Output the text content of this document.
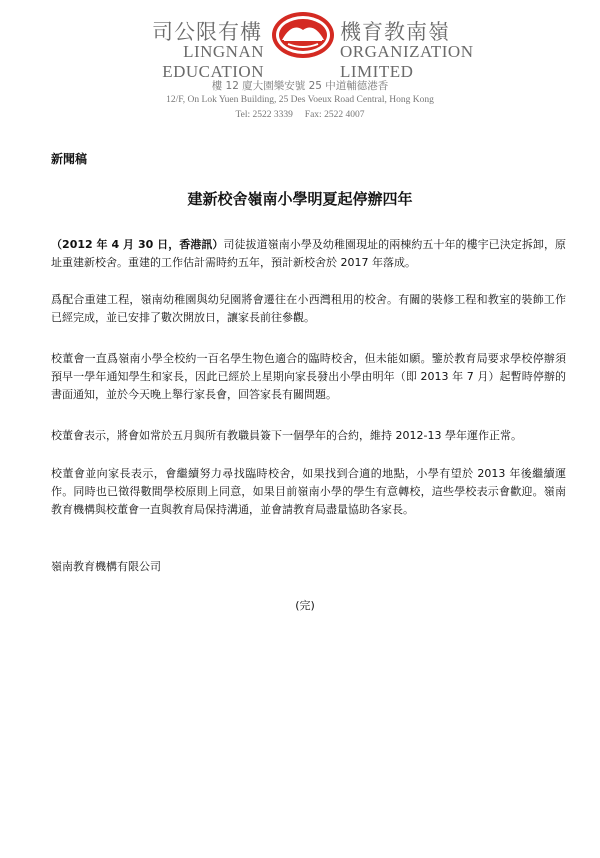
司公限有構	機育教南嶺
LINGNAN EDUCATION
ORGANIZATION LIMITED
樓 12 廈大園樂安號 25 中道輔德港香
12/F, On Lok Yuen Building, 25 Des Voeux Road Central, Hong Kong
Tel: 2522 3339     Fax: 2522 4007
新聞稿
建新校舍嶺南小學明夏起停辦四年

（2012 年 4 月 30 日，香港訊）司徒拔道嶺南小學及幼稚園現址的兩棟約五十年的樓宇已決定拆卸，原址重建新校舍。重建的工作估計需時約五年，預計新校舍於 2017 年落成。

爲配合重建工程，嶺南幼稚園與幼兒園將會遷往在小西灣租用的校舍。有關的裝修工程和教室的裝飾工作已經完成，並已安排了數次開放日，讓家長前往參觀。

校董會一直爲嶺南小學全校約一百名學生物色適合的臨時校舍，但未能如願。鑒於教育局要求學校停辦須預早一學年通知學生和家長，因此已經於上星期向家長發出小學由明年（即 2013 年 7 月）起暫時停辦的書面通知，並於今天晚上舉行家長會，回答家長有關問題。

校董會表示，將會如常於五月與所有教職員簽下一個學年的合約，維持 2012-13 學年運作正常。

校董會並向家長表示，會繼續努力尋找臨時校舍，如果找到合適的地點，小學有望於 2013 年後繼續運作。同時也已徵得數間學校原則上同意，如果目前嶺南小學的學生有意轉校，這些學校表示會歡迎。嶺南教育機構與校董會一直與教育局保持溝通，並會請教育局盡量協助各家長。

嶺南教育機構有限公司
(完)
